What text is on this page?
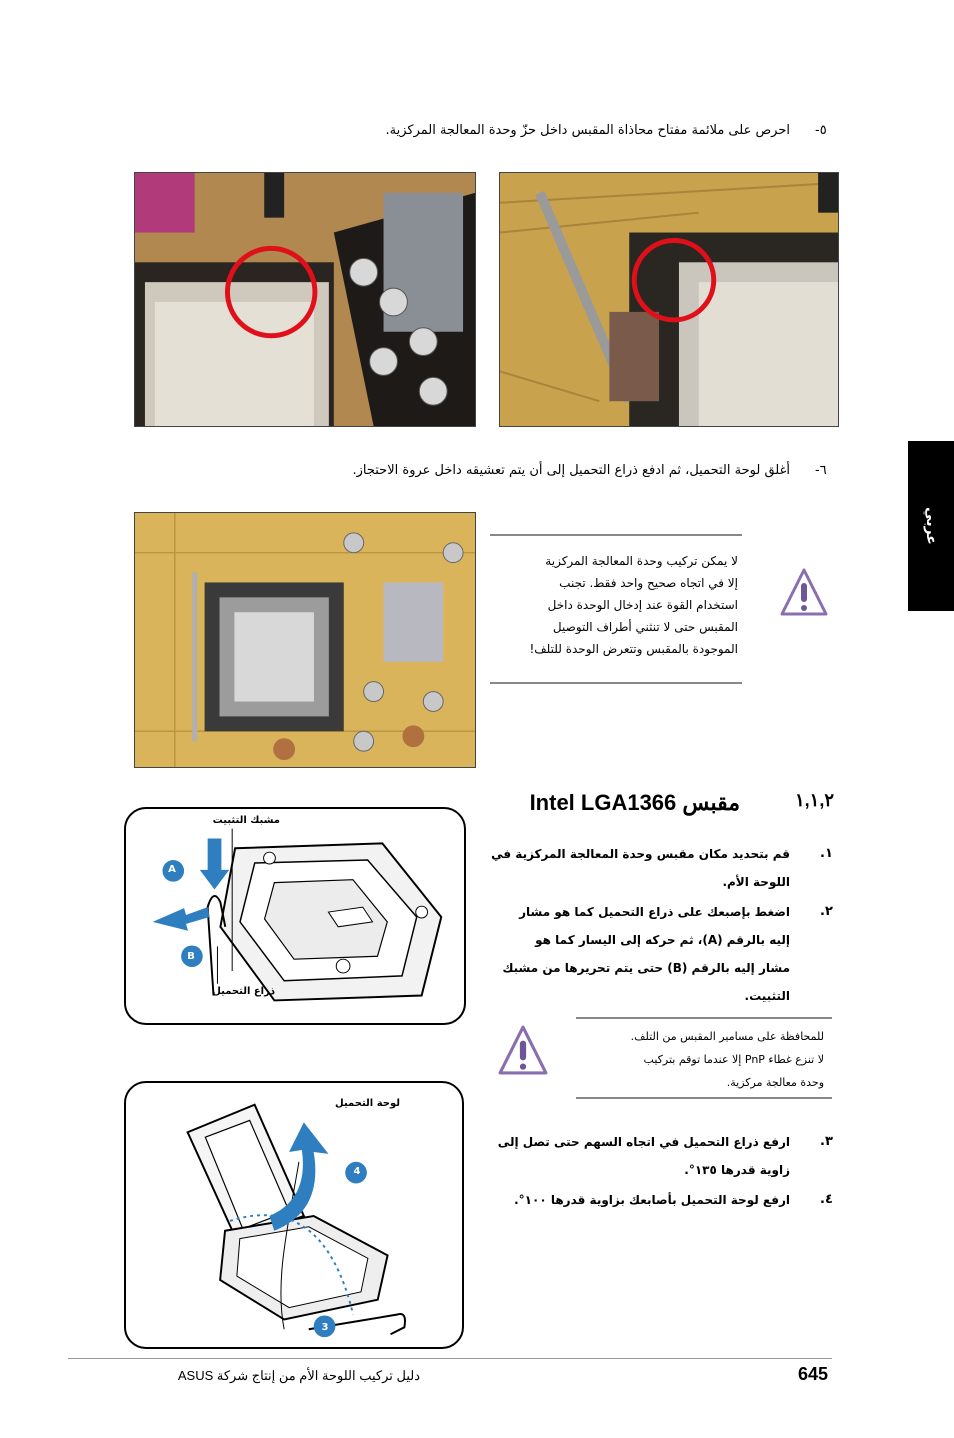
احرص على ملائمة مفتاح محاذاة المقبس داخل حزّ وحدة المعالجة المركزية. -٥
أغلق لوحة التحميل، ثم ادفع ذراع التحميل إلى أن يتم تعشيقه داخل عروة الاحتجاز. -٦
لا يمكن تركيب وحدة المعالجة المركزية
إلا في اتجاه صحيح واحد فقط. تجنب
استخدام القوة عند إدخال الوحدة داخل
المقبس حتى لا تنثني أطراف التوصيل
الموجودة بالمقبس وتتعرض الوحدة للتلف!
عربي
مقبس Intel LGA1366	١,١,٢
.١
قم بتحديد مكان مقبس وحدة المعالجة المركزية في
اللوحة الأم.
.٢
اضغط بإصبعك على ذراع التحميل كما هو مشار
إليه بالرقم (A)، ثم حركه إلى اليسار كما هو
مشار إليه بالرقم (B) حتى يتم تحريرها من مشبك
التثبيت.
مشبك التثبيت
ذراع التحميل
A
B
للمحافظة على مسامير المقبس من التلف.
لا تنزع غطاء PnP إلا عندما توقم بتركيب
وحدة معالجة مركزية.
لوحة التحميل
4
3
.٣
ارفع ذراع التحميل في اتجاه السهم حتى تصل إلى
زاوية قدرها ١٣٥°.
.٤
ارفع لوحة التحميل بأصابعك بزاوية قدرها ١٠٠°.
دليل تركيب اللوحة الأم من إنتاج شركة ASUS	645
